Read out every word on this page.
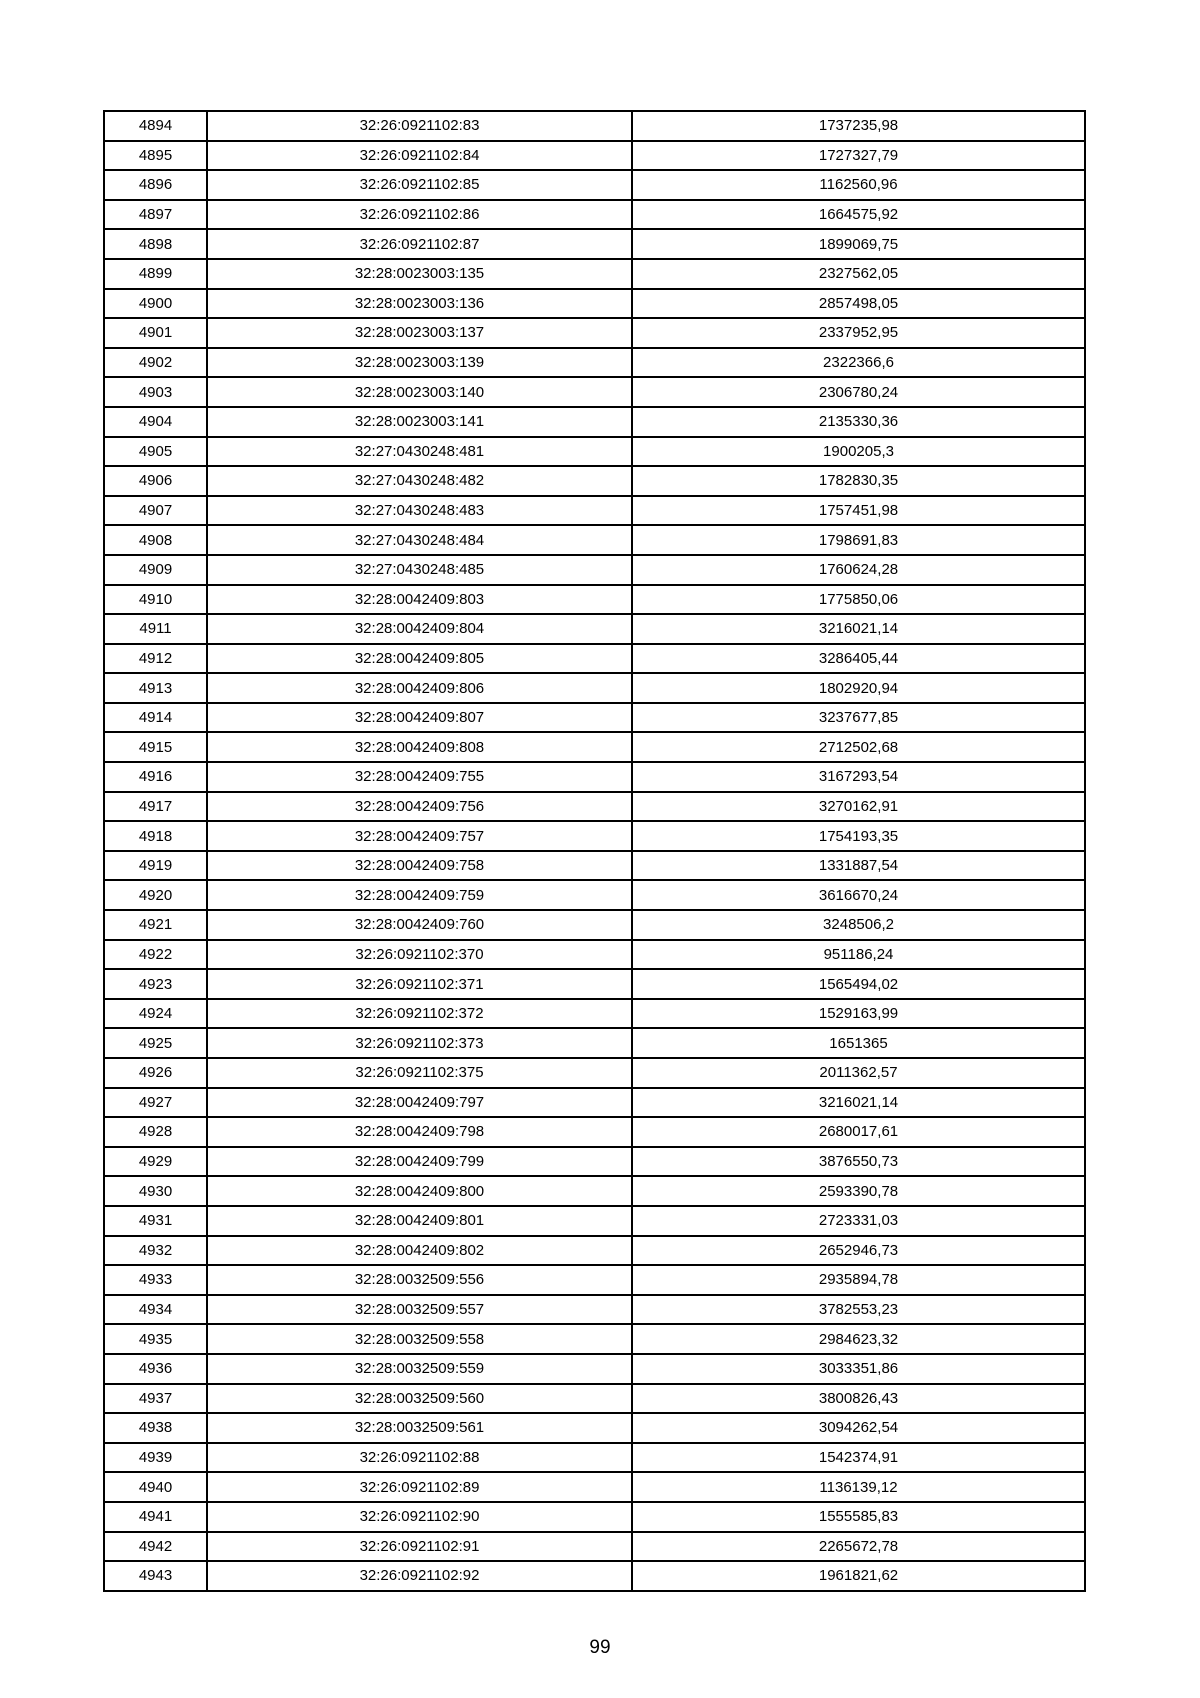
4894	32:26:0921102:83	1737235,98
4895	32:26:0921102:84	1727327,79
4896	32:26:0921102:85	1162560,96
4897	32:26:0921102:86	1664575,92
4898	32:26:0921102:87	1899069,75
4899	32:28:0023003:135	2327562,05
4900	32:28:0023003:136	2857498,05
4901	32:28:0023003:137	2337952,95
4902	32:28:0023003:139	2322366,6
4903	32:28:0023003:140	2306780,24
4904	32:28:0023003:141	2135330,36
4905	32:27:0430248:481	1900205,3
4906	32:27:0430248:482	1782830,35
4907	32:27:0430248:483	1757451,98
4908	32:27:0430248:484	1798691,83
4909	32:27:0430248:485	1760624,28
4910	32:28:0042409:803	1775850,06
4911	32:28:0042409:804	3216021,14
4912	32:28:0042409:805	3286405,44
4913	32:28:0042409:806	1802920,94
4914	32:28:0042409:807	3237677,85
4915	32:28:0042409:808	2712502,68
4916	32:28:0042409:755	3167293,54
4917	32:28:0042409:756	3270162,91
4918	32:28:0042409:757	1754193,35
4919	32:28:0042409:758	1331887,54
4920	32:28:0042409:759	3616670,24
4921	32:28:0042409:760	3248506,2
4922	32:26:0921102:370	951186,24
4923	32:26:0921102:371	1565494,02
4924	32:26:0921102:372	1529163,99
4925	32:26:0921102:373	1651365
4926	32:26:0921102:375	2011362,57
4927	32:28:0042409:797	3216021,14
4928	32:28:0042409:798	2680017,61
4929	32:28:0042409:799	3876550,73
4930	32:28:0042409:800	2593390,78
4931	32:28:0042409:801	2723331,03
4932	32:28:0042409:802	2652946,73
4933	32:28:0032509:556	2935894,78
4934	32:28:0032509:557	3782553,23
4935	32:28:0032509:558	2984623,32
4936	32:28:0032509:559	3033351,86
4937	32:28:0032509:560	3800826,43
4938	32:28:0032509:561	3094262,54
4939	32:26:0921102:88	1542374,91
4940	32:26:0921102:89	1136139,12
4941	32:26:0921102:90	1555585,83
4942	32:26:0921102:91	2265672,78
4943	32:26:0921102:92	1961821,62
99
